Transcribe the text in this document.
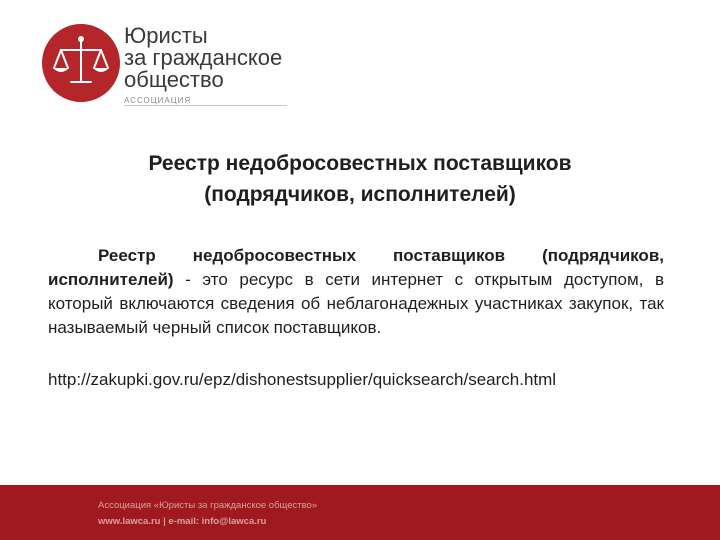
Юристы
за гражданское
общество
АССОЦИАЦИЯ
Реестр недобросовестных поставщиков
(подрядчиков, исполнителей)
Реестр недобросовестных поставщиков (подрядчиков, исполнителей) - это ресурс в сети интернет с открытым доступом, в который включаются сведения об неблагонадежных участниках закупок, так называемый черный список поставщиков.
http://zakupki.gov.ru/epz/dishonestsupplier/quicksearch/search.html
Ассоциация «Юристы за гражданское общество»
www.lawca.ru | e-mail: info@lawca.ru
